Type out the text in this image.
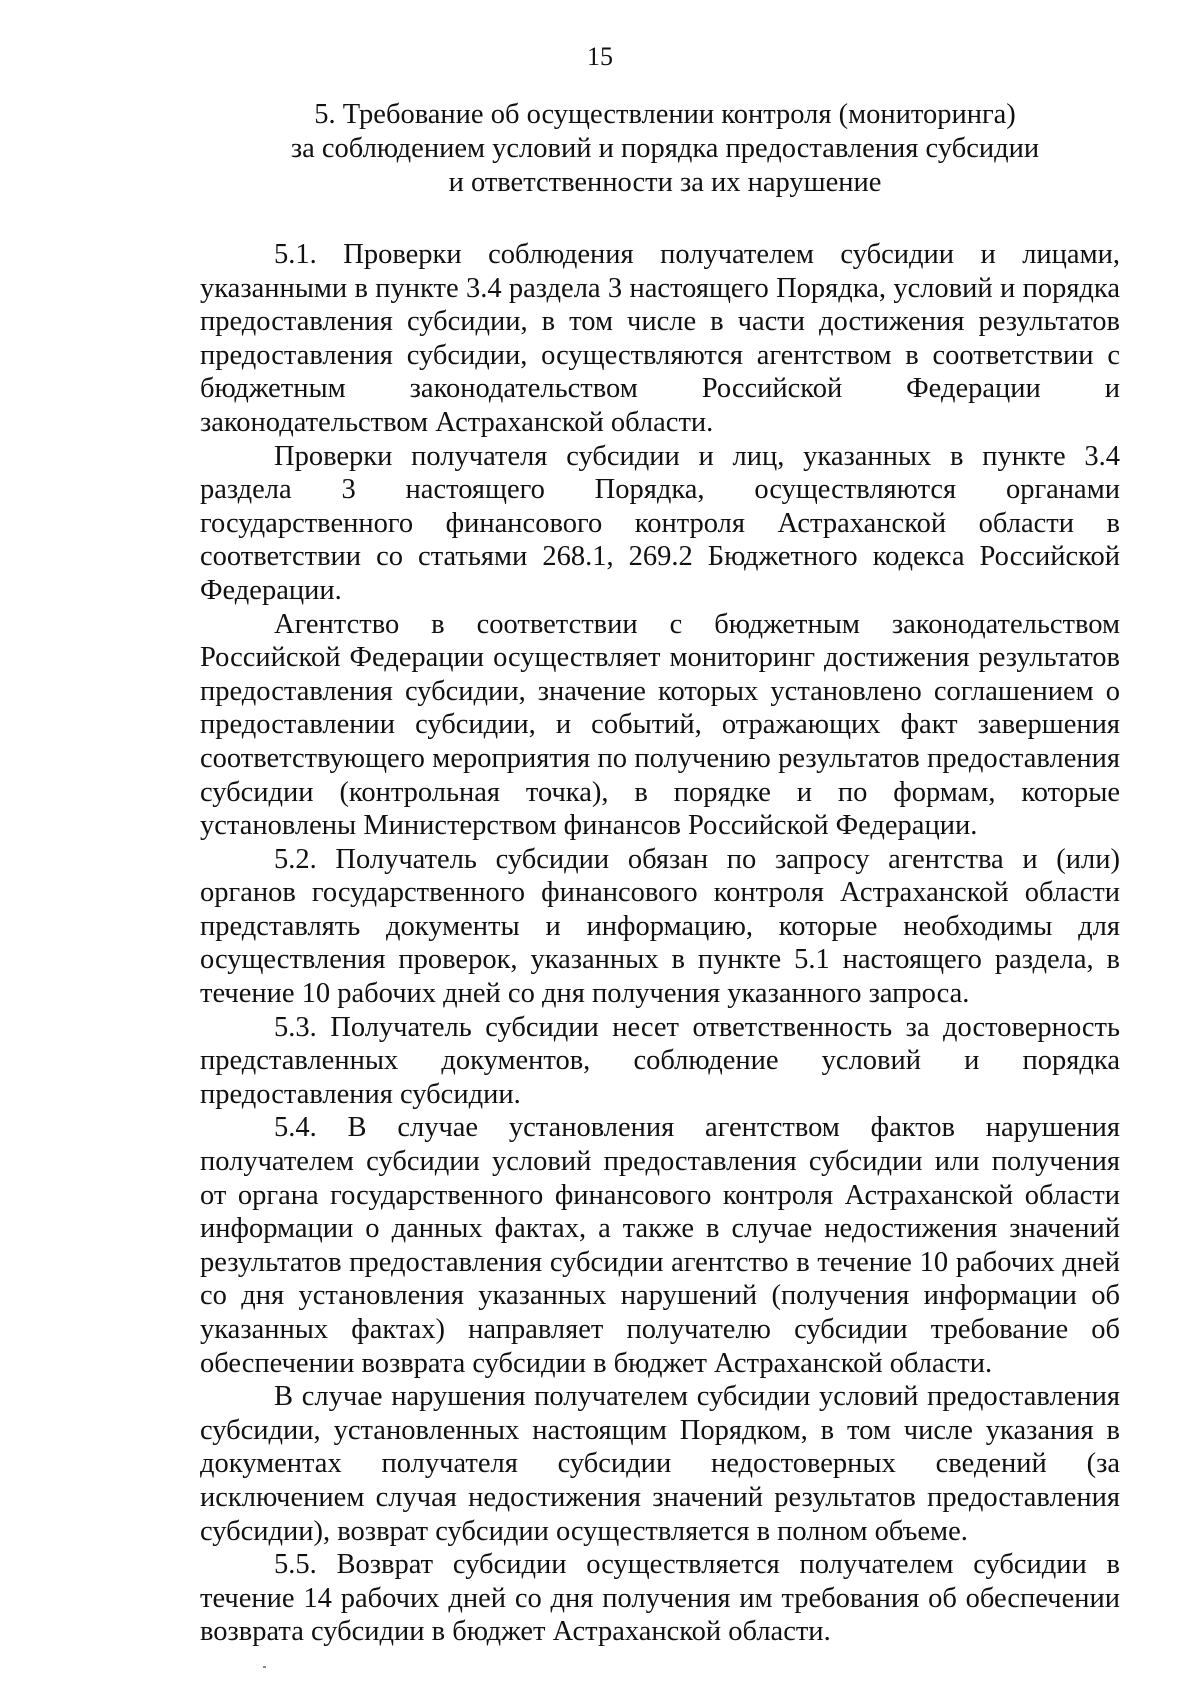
15
5. Требование об осуществлении контроля (мониторинга)
за соблюдением условий и порядка предоставления субсидии
и ответственности за их нарушение

5.1. Проверки соблюдения получателем субсидии и лицами, указанными в пункте 3.4 раздела 3 настоящего Порядка, условий и порядка предоставления субсидии, в том числе в части достижения результатов предоставления субсидии, осуществляются агентством в соответствии с бюджетным законодательством Российской Федерации и законодательством Астраханской области.

Проверки получателя субсидии и лиц, указанных в пункте 3.4 раздела 3 настоящего Порядка, осуществляются органами государственного финансового контроля Астраханской области в соответствии со статьями 268.1, 269.2 Бюджетного кодекса Российской Федерации.

Агентство в соответствии с бюджетным законодательством Российской Федерации осуществляет мониторинг достижения результатов предоставления субсидии, значение которых установлено соглашением о предоставлении субсидии, и событий, отражающих факт завершения соответствующего мероприятия по получению результатов предоставления субсидии (контрольная точка), в порядке и по формам, которые установлены Министерством финансов Российской Федерации.

5.2. Получатель субсидии обязан по запросу агентства и (или) органов государственного финансового контроля Астраханской области представлять документы и информацию, которые необходимы для осуществления проверок, указанных в пункте 5.1 настоящего раздела, в течение 10 рабочих дней со дня получения указанного запроса.

5.3. Получатель субсидии несет ответственность за достоверность представленных документов, соблюдение условий и порядка предоставления субсидии.

5.4. В случае установления агентством фактов нарушения получателем субсидии условий предоставления субсидии или получения от органа государственного финансового контроля Астраханской области информации о данных фактах, а также в случае недостижения значений результатов предоставления субсидии агентство в течение 10 рабочих дней со дня установления указанных нарушений (получения информации об указанных фактах) направляет получателю субсидии требование об обеспечении возврата субсидии в бюджет Астраханской области.

В случае нарушения получателем субсидии условий предоставления субсидии, установленных настоящим Порядком, в том числе указания в документах получателя субсидии недостоверных сведений (за исключением случая недостижения значений результатов предоставления субсидии), возврат субсидии осуществляется в полном объеме.

5.5. Возврат субсидии осуществляется получателем субсидии в течение 14 рабочих дней со дня получения им требования об обеспечении возврата субсидии в бюджет Астраханской области.
